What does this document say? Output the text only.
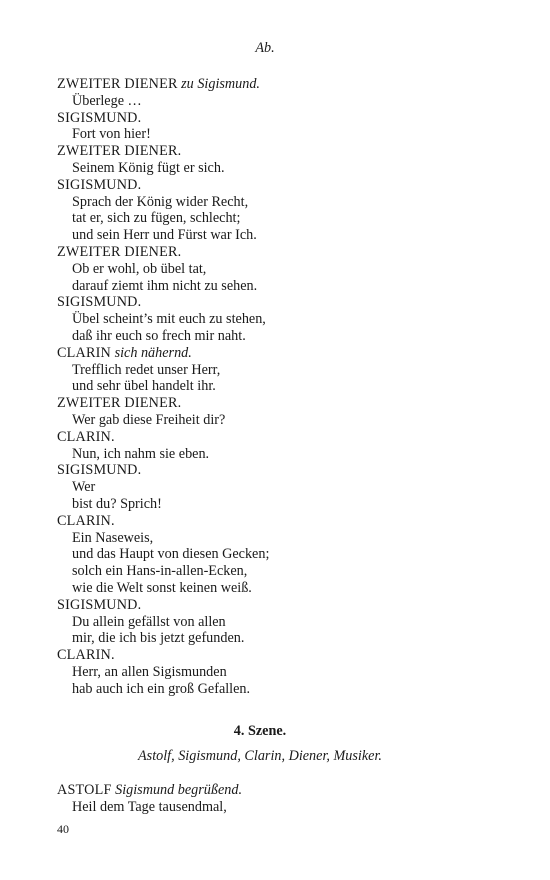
Ab.
ZWEITER DIENER zu Sigismund.
Überlege …
SIGISMUND.
Fort von hier!
ZWEITER DIENER.
Seinem König fügt er sich.
SIGISMUND.
Sprach der König wider Recht,
tat er, sich zu fügen, schlecht;
und sein Herr und Fürst war Ich.
ZWEITER DIENER.
Ob er wohl, ob übel tat,
darauf ziemt ihm nicht zu sehen.
SIGISMUND.
Übel scheint’s mit euch zu stehen,
daß ihr euch so frech mir naht.
CLARIN sich nähernd.
Trefflich redet unser Herr,
und sehr übel handelt ihr.
ZWEITER DIENER.
Wer gab diese Freiheit dir?
CLARIN.
Nun, ich nahm sie eben.
SIGISMUND.
Wer
bist du? Sprich!
CLARIN.
Ein Naseweis,
und das Haupt von diesen Gecken;
solch ein Hans-in-allen-Ecken,
wie die Welt sonst keinen weiß.
SIGISMUND.
Du allein gefällst von allen
mir, die ich bis jetzt gefunden.
CLARIN.
Herr, an allen Sigismunden
hab auch ich ein groß Gefallen.
4. Szene.
Astolf, Sigismund, Clarin, Diener, Musiker.
ASTOLF Sigismund begrüßend.
Heil dem Tage tausendmal,
40
